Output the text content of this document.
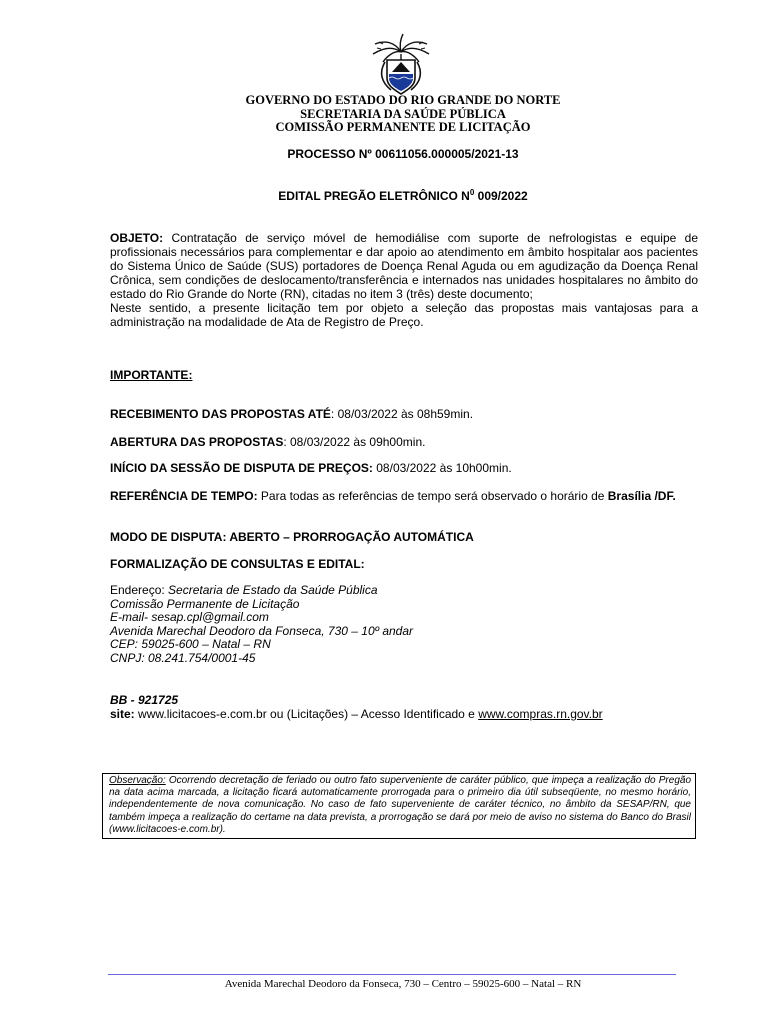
GOVERNO DO ESTADO DO RIO GRANDE DO NORTE
SECRETARIA DA SAÚDE PÚBLICA
COMISSÃO PERMANENTE DE LICITAÇÃO
PROCESSO Nº 00611056.000005/2021-13
EDITAL PREGÃO ELETRÔNICO $N^0$ 009/2022
OBJETO: Contratação de serviço móvel de hemodiálise com suporte de nefrologistas e equipe de profissionais necessários para complementar e dar apoio ao atendimento em âmbito hospitalar aos pacientes do Sistema Único de Saúde (SUS) portadores de Doença Renal Aguda ou em agudização da Doença Renal Crônica, sem condições de deslocamento/transferência e internados nas unidades hospitalares no âmbito do estado do Rio Grande do Norte (RN), citadas no item 3 (três) deste documento;
Neste sentido, a presente licitação tem por objeto a seleção das propostas mais vantajosas para a administração na modalidade de Ata de Registro de Preço.
IMPORTANTE:
RECEBIMENTO DAS PROPOSTAS ATÉ: 08/03/2022 às 08h59min.
ABERTURA DAS PROPOSTAS: 08/03/2022 às 09h00min.
INÍCIO DA SESSÃO DE DISPUTA DE PREÇOS: 08/03/2022 às 10h00min.
REFERÊNCIA DE TEMPO: Para todas as referências de tempo será observado o horário de Brasília /DF.
MODO DE DISPUTA: ABERTO – PRORROGAÇÃO AUTOMÁTICA
FORMALIZAÇÃO DE CONSULTAS E EDITAL:
Endereço: Secretaria de Estado da Saúde Pública
Comissão Permanente de Licitação
E-mail- sesap.cpl@gmail.com
Avenida Marechal Deodoro da Fonseca, 730 – 10º andar
CEP: 59025-600 – Natal – RN
CNPJ: 08.241.754/0001-45
BB - 921725
site: www.licitacoes-e.com.br ou (Licitações) – Acesso Identificado e www.compras.rn.gov.br
Observação: Ocorrendo decretação de feriado ou outro fato superveniente de caráter público, que impeça a realização do Pregão na data acima marcada, a licitação ficará automaticamente prorrogada para o primeiro dia útil subseqüente, no mesmo horário, independentemente de nova comunicação. No caso de fato superveniente de caráter técnico, no âmbito da SESAP/RN, que também impeça a realização do certame na data prevista, a prorrogação se dará por meio de aviso no sistema do Banco do Brasil (www.licitacoes-e.com.br).
Avenida Marechal Deodoro da Fonseca, 730 – Centro – 59025-600 – Natal – RN
